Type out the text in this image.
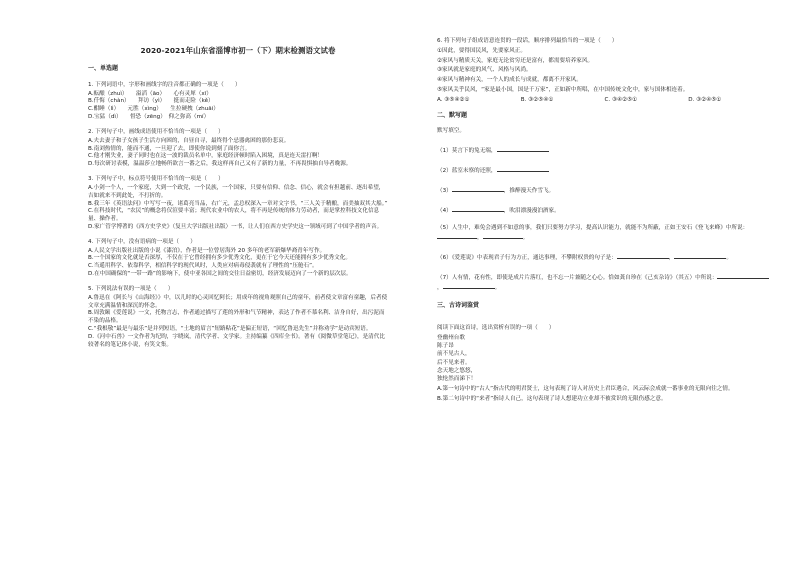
2020-2021年山东省淄博市初一（下）期末检测语文试卷
一、单选题
1. 下列词语中，字形和画线字的注音都正确的一项是（　　）
A.酝酿（zhuì）　　溢滔（āo）　　心有灵犀（xī）
B.仟悔（chàn）　　拜访（yì）　　挺而走险（kě）
C.酣睡（lì）　　元胜（xìng）　　生拉硬拽（zhuāi）
D.宝猛（dì）　　督恐（zēng）　仰之弥高（mí）
2. 下列句子中，画线成语使用不恰当的一项是（　　）
A.夫去妻子和子女孩子生活方向困的，自昼自寻，最终得个忌器禽困的那份悲哀。
B.南刘热情的，能而不通，一旦迎了去，即使你说到刻了面你言。
C.他才刚失业，妻子同时也在这一波的裁员名单中，家庭经济顿时陷入困境，真是连天雷打啊！
D.每次研讨表模，温温莎立地畅所欲言一番之后，我这样再自己又有了新的力量，不再畏惧抽自导者晚源。
3. 下列句子中，标点符号使用不恰当的一项是（　　）
A.小剑一个人，一个家庭，大到一个政党，一个民族，一个国家，只要有信仰、信念、信心，就会有担越前、逐出希望，吉如就来不到此处，不打折的。
B.我三年《英语法问》中写写一夜，诸葛亮当品，右广元，孟总权深入一章对文字书，“三人关于精酿，而美抽双其大船。”
C.在科技时代，“农民”的概念将仅渲要丰富；现代农业中的农人，将不再是传统的体力劳动者，而是掌控科技文化信息量、操作者。
D.家广管学博著的《西方史学史》（复旦大学出版社出版）一书，让人们在西方史学史这一领域可到了中国学者的声音。
4. 下列句子中，没有语病的一项是（　　）
A.人民文学出版社出版的小说《漆泊》，作者是一位曾居海外 20 多年的老军新爆华裔青年写作。
B.一个国家的文化就是否深厚，不仅在于它曾经拥有多少优秀文化，更在于它今天还能拥有多少优秀文化。
C.当遥用科学、依靠科学，相信科学的现代风时，人类应对病毒侵袭就有了理性的“压舱石”。
D.在中国确保的“一带一路”的影响下，使中亚各国之间的交往日益密切，经济发展迈向了一个新的层次层。
5. 下列说法有误的一项是（　　）
A.鲁迅在《阿长与《山海经》》中，以儿时的心灵回忆阿长；用成年的视角观照自己的童年，前者使文章富有童趣，后者使文章充满温情和深沉的怀念。
B.周敦颐《爱莲说》一文，托物言志，作者通过描写了莲的外形和气节精神，表达了作者不慕名利、洁身自好，出污泥而不染的品格。
C.“我根敬”最是与最乐”是并列短语，“土地的眉言”短路粘花”是偏正短语，“回忆鲁迅先生”并称劝学”是动宾短语。
D.《河中石兽》一文作者为纪昀，字晓岚，清代学者、文学家。主持编纂《四库全书》。著有《阅微草堂笔记》，是清代比较著名的笔记体小说，有笑文集。
6. 将下列句子组成语意连贯的一段话，顺序排列最恰当的一项是（　　）
①因此，要得国民风，先要家风正。
②家风与精质天关，家庭无论贫穷还是富有，都需要培养家风。
③家风就是家庭的风气、风格与风尚。
④家风与精神有关，一个人的成长与成就，都离不开家风。
⑤家风关乎民风，“家是最小国，国是千万家”，正如新中所唱，在中国传统文化中，家与国体相连着。
A. ③⑤④②①	B. ③②⑤④①	C. ③④②⑤①	D. ③②④⑤①
二、默写题
默写填空。
（1）莫言下的兔无端，
（2）蓝室未察的还照，
（3）	，推醉漫天作雪飞。
（4）	，吹泪漂漫漫泊酒家。
（5）人生中，难免会遇到不如意的事，我们只要努力学习，提高认识能力，就能不为所蔽，正如王安石《登飞来峰》中所说：，	。
（6）《爱莲说》中表现君子行为方正，通达事理，不攀附权贵的句子是：	，	。
（7）人有情，花有性，即使是成片片落红，也不忘一片兼随之心心。恰如龚自珍在《己亥杂诗》（其五）中所说：，	。
三、古诗词鉴赏
阅读下面这首诗，选出赏析有误的一项（　　）
登幽州台歌
陈子昂
前不见古人，
后不见来者。
念天地之悠悠，
独怆然而涕下！
A.第一句诗中的“古人”指古代的明君贤士，这句表现了诗人对历史上君臣遇合，风云际会成就一番事业的无限向往之情。
B.第二句诗中的“来者”指诗人自己，这句表现了诗人想建功立业却不被赏识的无限伤感之意。
